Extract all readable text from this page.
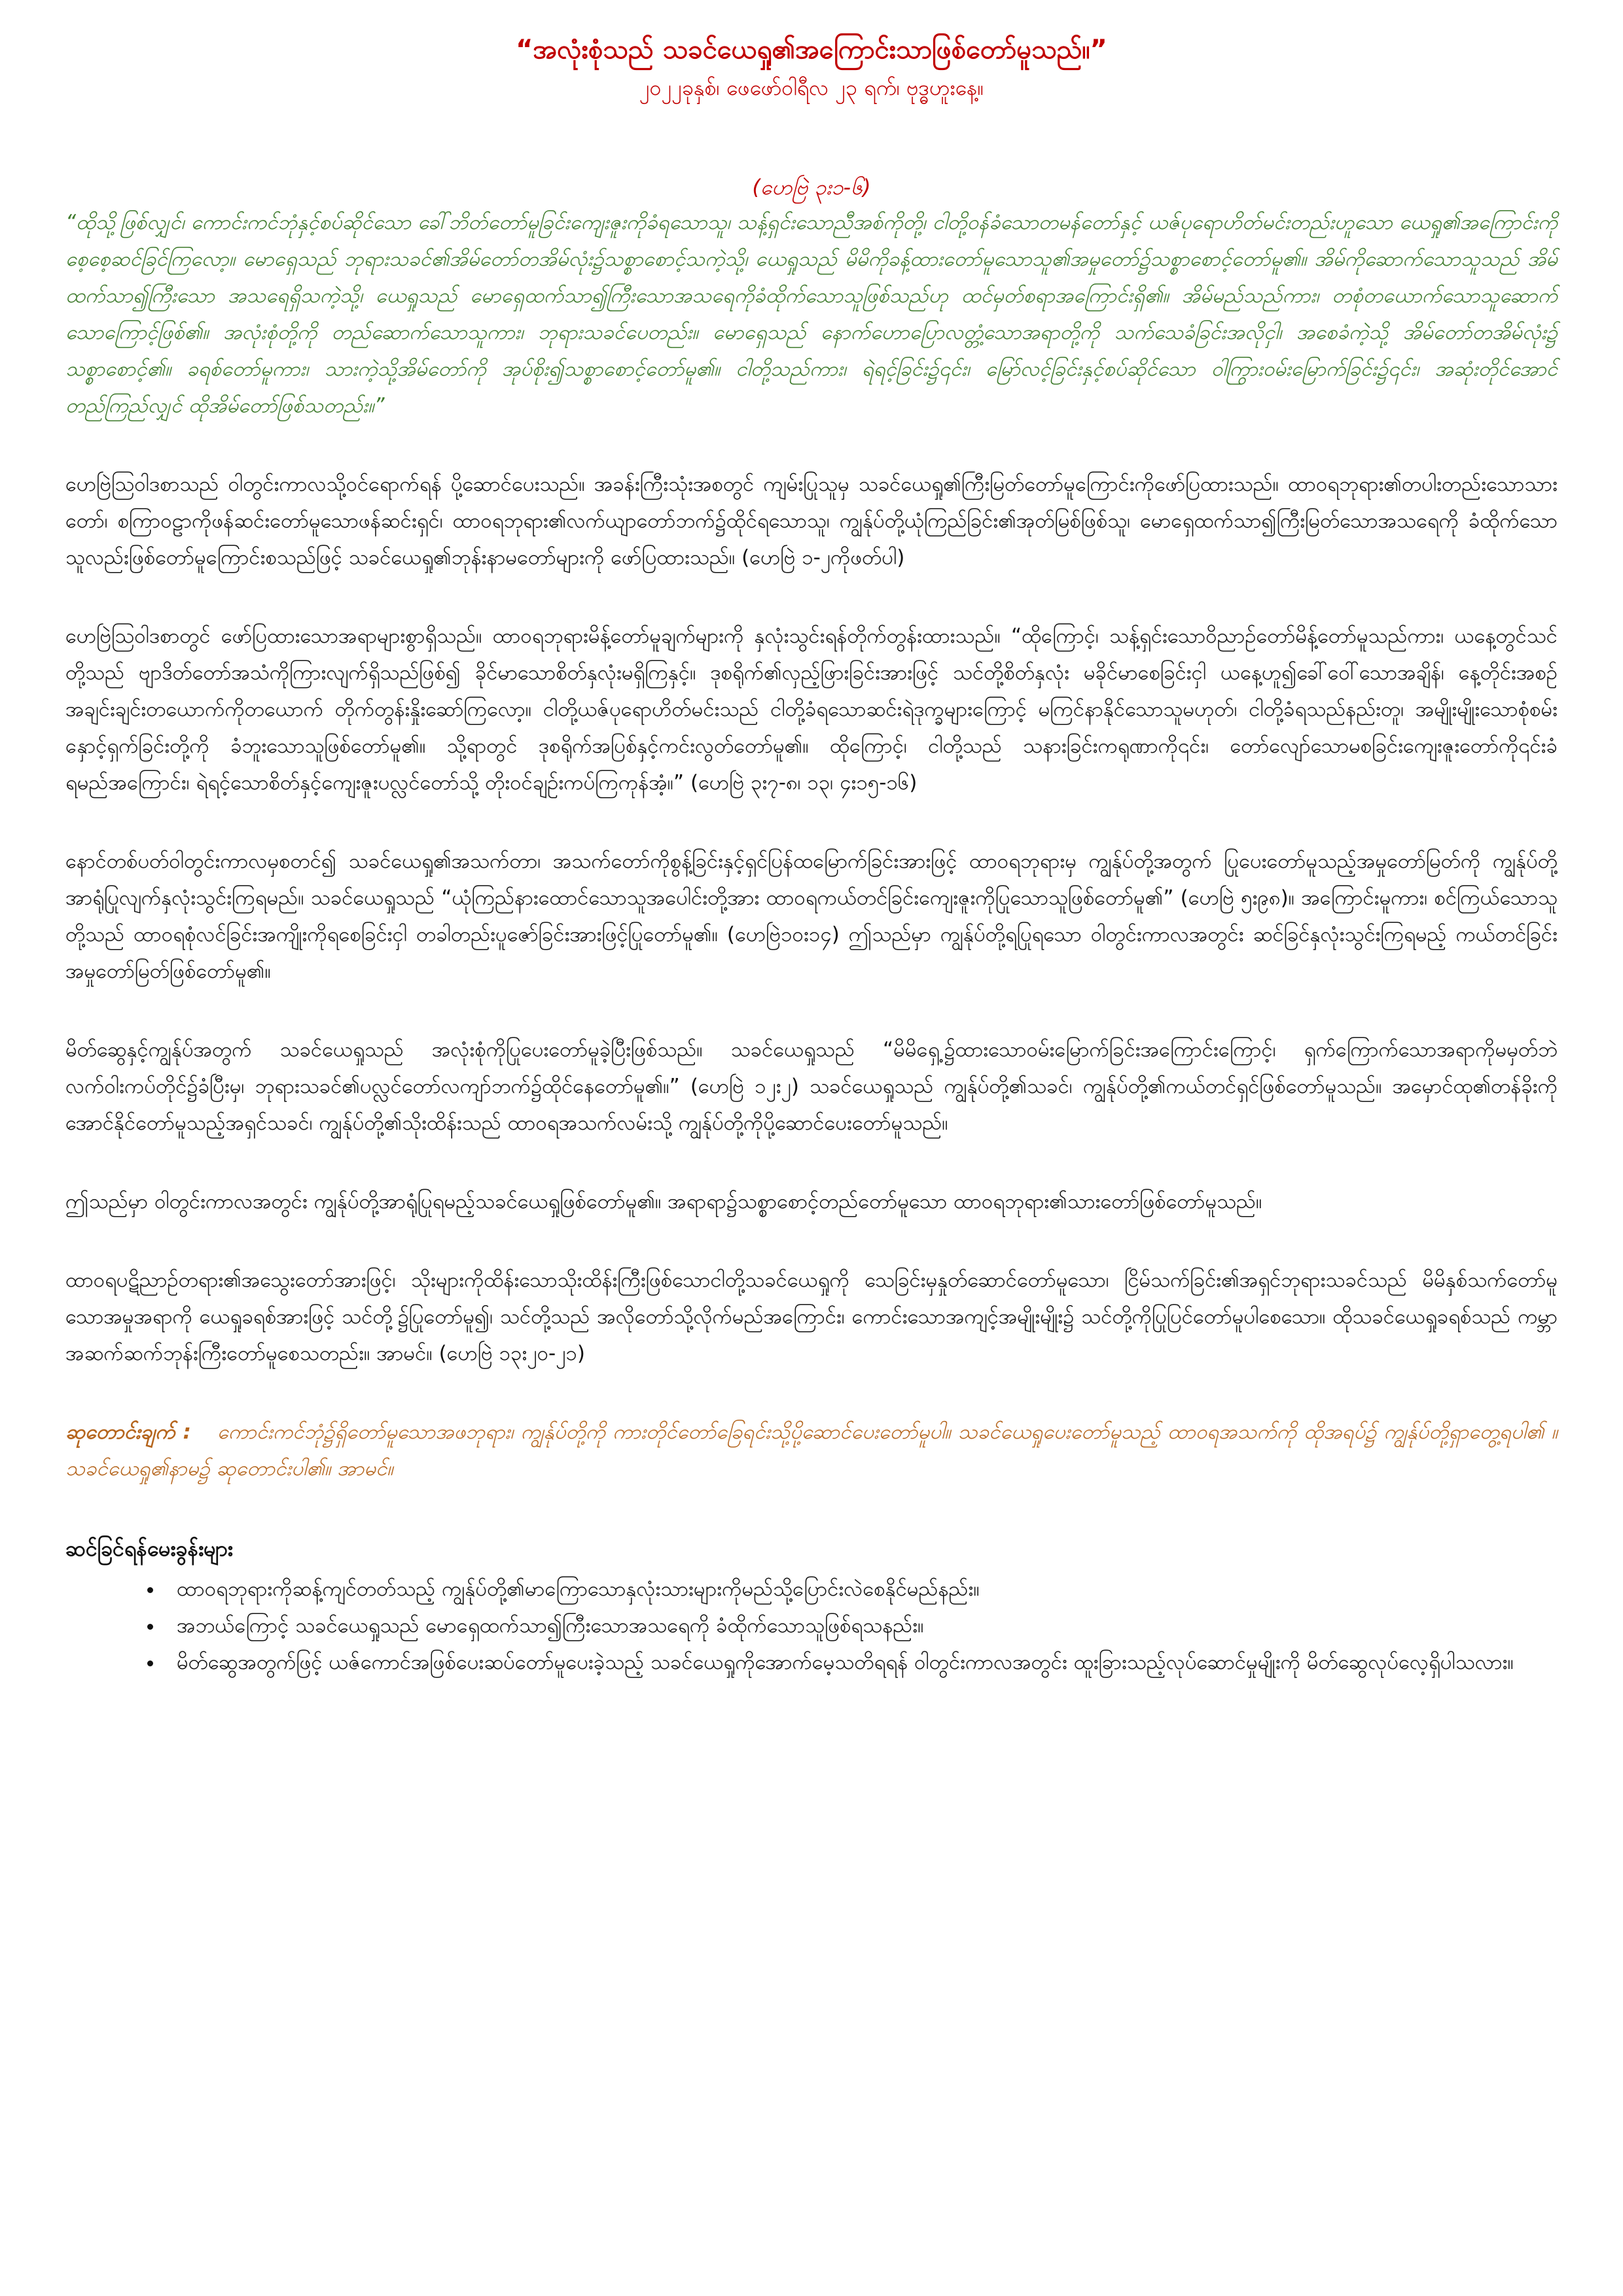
“အလုံးစုံသည် သခင်ယေရှု၏အကြောင်းသာဖြစ်တော်မူသည်။”

၂၀၂၂ခုနှစ်၊ ဖေဖော်ဝါရီလ ၂၃ ရက်၊ ဗုဒ္ဓဟူးနေ့။

(ဟေဗြဲ ၃း၁-၆)

“ထိုသို့ဖြစ်လျှင်၊ ကောင်းကင်ဘုံနှင့်စပ်ဆိုင်သော ခေါ်ဘိတ်တော်မူခြင်းကျေးဇူးကိုခံရသောသူ၊ သန့်ရှင်းသောညီအစ်ကိုတို့၊ ငါတို့ဝန်ခံသောတမန်တော်နှင့် ယဇ်ပုရောဟိတ်မင်းတည်းဟူသော ယေရှု၏အကြောင်းကို စေ့စေ့ဆင်ခြင်ကြလော့။ မောရှေသည် ဘုရားသခင်၏အိမ်တော်တအိမ်လုံး၌သစ္စာစောင့်သကဲ့သို့၊ ယေရှုသည် မိမိကိုခန့်ထားတော်မူသောသူ၏အမှုတော်၌သစ္စာစောင့်တော်မူ၏။ အိမ်ကိုဆောက်သောသူသည် အိမ်ထက်သာ၍ကြီးသော အသရေရှိသကဲ့သို့၊ ယေရှုသည် မောရှေထက်သာ၍ကြီးသောအသရေကိုခံထိုက်သောသူဖြစ်သည်ဟု ထင်မှတ်စရာအကြောင်းရှိ၏။ အိမ်မည်သည်ကား၊ တစုံတယောက်သောသူဆောက်သောကြောင့်ဖြစ်၏။ အလုံးစုံတို့ကို တည်ဆောက်သောသူကား၊ ဘုရားသခင်ပေတည်း။ မောရှေသည် နောက်ဟောပြောလတ္တံ့သောအရာတို့ကို သက်သေခံခြင်းအလိုငှါ၊ အစေခံကဲ့သို့ အိမ်တော်တအိမ်လုံး၌ သစ္စာစောင့်၏။ ခရစ်တော်မူကား၊ သားကဲ့သို့အိမ်တော်ကို အုပ်စိုး၍သစ္စာစောင့်တော်မူ၏။ ငါတို့သည်ကား၊ ရဲရင့်ခြင်း၌၎င်း၊ မြော်လင့်ခြင်းနှင့်စပ်ဆိုင်သော ဝါကြွားဝမ်းမြောက်ခြင်း၌၎င်း၊ အဆုံးတိုင်အောင်တည်ကြည်လျှင် ထိုအိမ်တော်ဖြစ်သတည်း။”

ဟေဗြဲသြဝါဒစာသည် ဝါတွင်းကာလသို့ဝင်ရောက်ရန် ပို့ဆောင်ပေးသည်။ အခန်းကြီးသုံးအစတွင် ကျမ်းပြုသူမှ သခင်ယေရှု၏ကြီးမြတ်တော်မူကြောင်းကိုဖော်ပြထားသည်။ ထာဝရဘုရား၏တပါးတည်းသောသားတော်၊ စကြာဝဠာကိုဖန်ဆင်းတော်မူသောဖန်ဆင်းရှင်၊ ထာဝရဘုရား၏လက်ယျာတော်ဘက်၌ထိုင်ရသောသူ၊ ကျွန်ုပ်တို့ယုံကြည်ခြင်း၏အုတ်မြစ်ဖြစ်သူ၊ မောရှေထက်သာ၍ကြီးမြတ်သောအသရေကို ခံထိုက်သောသူလည်းဖြစ်တော်မူကြောင်းစသည်ဖြင့် သခင်ယေရှု၏ဘုန်းနာမတော်များကို ဖော်ပြထားသည်။ (ဟေဗြဲ ၁-၂ကိုဖတ်ပါ)

ဟေဗြဲသြဝါဒစာတွင် ဖော်ပြထားသောအရာများစွာရှိသည်။ ထာဝရဘုရားမိန့်တော်မူချက်များကို နှလုံးသွင်းရန်တိုက်တွန်းထားသည်။ “ထိုကြောင့်၊ သန့်ရှင်းသောဝိညာဉ်တော်မိန့်တော်မူသည်ကား၊ ယနေ့တွင်သင်တို့သည် ဗျာဒိတ်တော်အသံကိုကြားလျက်ရှိသည်ဖြစ်၍ ခိုင်မာသောစိတ်နှလုံးမရှိကြနှင့်။ ဒုစရိုက်၏လှည့်ဖြားခြင်းအားဖြင့် သင်တို့စိတ်နှလုံး မခိုင်မာစေခြင်းငှါ ယနေ့ဟူ၍ခေါ်ဝေါ်သောအချိန်၊ နေ့တိုင်းအစဉ်အချင်းချင်းတယောက်ကိုတယောက် တိုက်တွန်းနှိုးဆော်ကြလော့။ ငါတို့ယဇ်ပုရောဟိတ်မင်းသည် ငါတို့ခံရသောဆင်းရဲဒုက္ခများကြောင့် မကြင်နာနိုင်သောသူမဟုတ်၊ ငါတို့ခံရသည်နည်းတူ၊ အမျိုးမျိုးသောစုံစမ်းနှောင့်ရှက်ခြင်းတို့ကို ခံဘူးသောသူဖြစ်တော်မူ၏။ သို့ရာတွင် ဒုစရိုက်အပြစ်နှင့်ကင်းလွတ်တော်မူ၏။ ထိုကြောင့်၊ ငါတို့သည် သနားခြင်းကရုဏာကို၎င်း၊ တော်လျော်သောမစခြင်းကျေးဇူးတော်ကို၎င်းခံရမည်အကြောင်း၊ ရဲရင့်သောစိတ်နှင့်ကျေးဇူးပလ္လင်တော်သို့ တိုးဝင်ချဉ်းကပ်ကြကုန်အံ့။” (ဟေဗြဲ ၃း၇-၈၊ ၁၃၊ ၄း၁၅-၁၆)

နောင်တစ်ပတ်ဝါတွင်းကာလမှစတင်၍ သခင်ယေရှု၏အသက်တာ၊ အသက်တော်ကိုစွန့်ခြင်းနှင့်ရှင်ပြန်ထမြောက်ခြင်းအားဖြင့် ထာဝရဘုရားမှ ကျွန်ုပ်တို့အတွက် ပြုပေးတော်မူသည့်အမှုတော်မြတ်ကို ကျွန်ုပ်တို့အာရုံပြုလျက်နှလုံးသွင်းကြရမည်။ သခင်ယေရှုသည် “ယုံကြည်နားထောင်သောသူအပေါင်းတို့အား ထာဝရကယ်တင်ခြင်းကျေးဇူးကိုပြုသောသူဖြစ်တော်မူ၏” (ဟေဗြဲ ၅း၉၈)။ အကြောင်းမူကား၊ စင်ကြယ်သောသူတို့သည် ထာဝရစုံလင်ခြင်းအကျိုးကိုရစေခြင်းငှါ တခါတည်းပူဇော်ခြင်းအားဖြင့်ပြုတော်မူ၏။ (ဟေဗြဲ၁၀း၁၄) ဤသည်မှာ ကျွန်ုပ်တို့ရပြုရသော ဝါတွင်းကာလအတွင်း ဆင်ခြင်နှလုံးသွင်းကြရမည့် ကယ်တင်ခြင်းအမှုတော်မြတ်ဖြစ်တော်မူ၏။

မိတ်ဆွေနှင့်ကျွန်ုပ်အတွက် သခင်ယေရှုသည် အလုံးစုံကိုပြုပေးတော်မူခဲ့ပြီးဖြစ်သည်။ သခင်ယေရှုသည် “မိမိရှေ့၌ထားသောဝမ်းမြောက်ခြင်းအကြောင်းကြောင့်၊ ရှက်ကြောက်သောအရာကိုမမှတ်ဘဲ လက်ဝါးကပ်တိုင်၌ခံပြီးမှ၊ ဘုရားသခင်၏ပလ္လင်တော်လကျာ်ဘက်၌ထိုင်နေတော်မူ၏။” (ဟေဗြဲ ၁၂း၂) သခင်ယေရှုသည် ကျွန်ုပ်တို့၏သခင်၊ ကျွန်ုပ်တို့၏ကယ်တင်ရှင်ဖြစ်တော်မူသည်။ အမှောင်ထု၏တန်ခိုးကို အောင်နိုင်တော်မူသည့်အရှင်သခင်၊ ကျွန်ုပ်တို့၏သိုးထိန်းသည် ထာဝရအသက်လမ်းသို့ ကျွန်ုပ်တို့ကိုပို့ဆောင်ပေးတော်မူသည်။

ဤသည်မှာ ဝါတွင်းကာလအတွင်း ကျွန်ုပ်တို့အာရုံပြုရမည့်သခင်ယေရှုဖြစ်တော်မူ၏။ အရာရာ၌သစ္စာစောင့်တည်တော်မူသော ထာဝရဘုရား၏သားတော်ဖြစ်တော်မူသည်။

ထာဝရပဋိညာဉ်တရား၏အသွေးတော်အားဖြင့်၊ သိုးများကိုထိန်းသောသိုးထိန်းကြီးဖြစ်သောငါတို့သခင်ယေရှုကို သေခြင်းမှနှုတ်ဆောင်တော်မူသော၊ ငြိမ်သက်ခြင်း၏အရှင်ဘုရားသခင်သည် မိမိနှစ်သက်တော်မူသောအမှုအရာကို ယေရှုခရစ်အားဖြင့် သင်တို့၌ပြုတော်မူ၍၊ သင်တို့သည် အလိုတော်သို့လိုက်မည်အကြောင်း၊ ကောင်းသောအကျင့်အမျိုးမျိုး၌ သင်တို့ကိုပြုပြင်တော်မူပါစေသော။ ထိုသခင်ယေရှုခရစ်သည် ကမ္ဘာအဆက်ဆက်ဘုန်းကြီးတော်မူစေသတည်း။ အာမင်။ (ဟေဗြဲ ၁၃း၂၀-၂၁)

ဆုတောင်းချက် : ကောင်းကင်ဘုံ၌ရှိတော်မူသောအဖဘုရား၊ ကျွန်ုပ်တို့ကို ကားတိုင်တော်ခြေရင်းသို့ပို့ဆောင်ပေးတော်မူပါ။ သခင်ယေရှုပေးတော်မူသည့် ထာဝရအသက်ကို ထိုအရပ်၌ ကျွန်ုပ်တို့ရှာတွေ့ရပါ၏ ။ သခင်ယေရှု၏နာမ၌ ဆုတောင်းပါ၏။ အာမင်။

ဆင်ခြင်ရန်မေးခွန်းများ

• ထာဝရဘုရားကိုဆန့်ကျင်တတ်သည့် ကျွန်ုပ်တို့၏မာကြောသောနှလုံးသားများကိုမည်သို့ပြောင်းလဲစေနိုင်မည်နည်း။
• အဘယ်ကြောင့် သခင်ယေရှုသည် မောရှေထက်သာ၍ကြီးသောအသရေကို ခံထိုက်သောသူဖြစ်ရသနည်း။
• မိတ်ဆွေအတွက်ဖြင့် ယဇ်ကောင်အဖြစ်ပေးဆပ်တော်မူပေးခဲ့သည့် သခင်ယေရှုကိုအောက်မေ့သတိရရန် ဝါတွင်းကာလအတွင်း ထူးခြားသည့်လုပ်ဆောင်မှုမျိုးကို မိတ်ဆွေလုပ်လေ့ရှိပါသလား။
